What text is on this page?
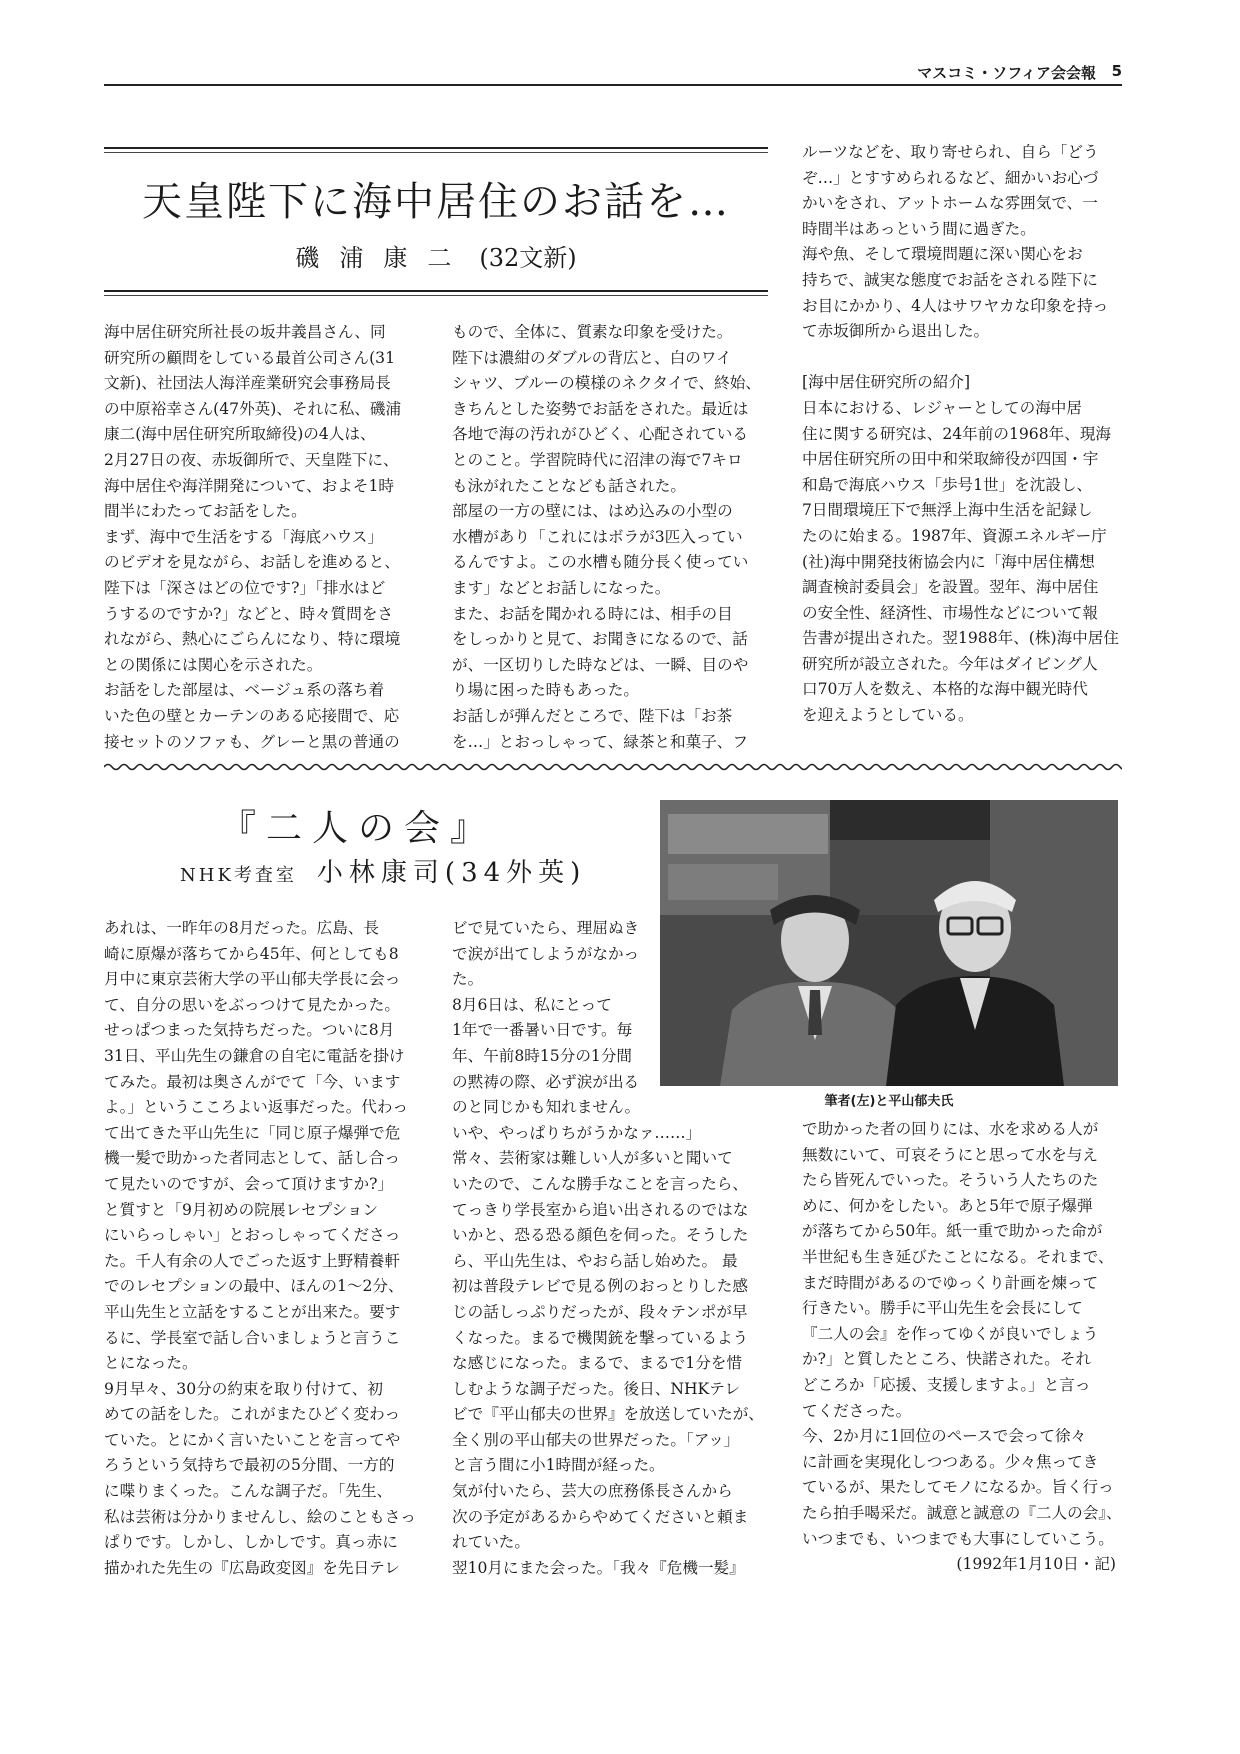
マスコミ・ソフィア会会報 5
天皇陛下に海中居住のお話を…
磯浦康二 (32文新)
海中居住研究所社長の坂井義昌さん、同
研究所の顧問をしている最首公司さん(31
文新)、社団法人海洋産業研究会事務局長
の中原裕幸さん(47外英)、それに私、磯浦
康二(海中居住研究所取締役)の4人は、
2月27日の夜、赤坂御所で、天皇陛下に、
海中居住や海洋開発について、およそ1時
間半にわたってお話をした。
まず、海中で生活をする「海底ハウス」
のビデオを見ながら、お話しを進めると、
陛下は「深さはどの位です?」「排水はど
うするのですか?」などと、時々質問をさ
れながら、熱心にごらんになり、特に環境
との関係には関心を示された。
お話をした部屋は、ベージュ系の落ち着
いた色の壁とカーテンのある応接間で、応
接セットのソファも、グレーと黒の普通の
もので、全体に、質素な印象を受けた。
陛下は濃紺のダブルの背広と、白のワイ
シャツ、ブルーの模様のネクタイで、終始、
きちんとした姿勢でお話をされた。最近は
各地で海の汚れがひどく、心配されている
とのこと。学習院時代に沼津の海で7キロ
も泳がれたことなども話された。
部屋の一方の壁には、はめ込みの小型の
水槽があり「これにはボラが3匹入ってい
るんですよ。この水槽も随分長く使ってい
ます」などとお話しになった。
また、お話を聞かれる時には、相手の目
をしっかりと見て、お聞きになるので、話
が、一区切りした時などは、一瞬、目のや
り場に困った時もあった。
お話しが弾んだところで、陛下は「お茶
を…」とおっしゃって、緑茶と和菓子、フ
ルーツなどを、取り寄せられ、自ら「どう
ぞ…」とすすめられるなど、細かいお心づ
かいをされ、アットホームな雰囲気で、一
時間半はあっという間に過ぎた。
海や魚、そして環境問題に深い関心をお
持ちで、誠実な態度でお話をされる陛下に
お目にかかり、4人はサワヤカな印象を持っ
て赤坂御所から退出した。
[海中居住研究所の紹介]
日本における、レジャーとしての海中居
住に関する研究は、24年前の1968年、現海
中居住研究所の田中和栄取締役が四国・宇
和島で海底ハウス「歩号1世」を沈設し、
7日間環境圧下で無浮上海中生活を記録し
たのに始まる。1987年、資源エネルギー庁
(社)海中開発技術協会内に「海中居住構想
調査検討委員会」を設置。翌年、海中居住
の安全性、経済性、市場性などについて報
告書が提出された。翌1988年、(株)海中居住
研究所が設立された。今年はダイビング人
口70万人を数え、本格的な海中観光時代
を迎えようとしている。
『二人の会』
NHK考査室 小林康司(34外英)
筆者(左)と平山郁夫氏
あれは、一昨年の8月だった。広島、長
崎に原爆が落ちてから45年、何としても8
月中に東京芸術大学の平山郁夫学長に会っ
て、自分の思いをぶっつけて見たかった。
せっぱつまった気持ちだった。ついに8月
31日、平山先生の鎌倉の自宅に電話を掛け
てみた。最初は奥さんがでて「今、います
よ。」というこころよい返事だった。代わっ
て出てきた平山先生に「同じ原子爆弾で危
機一髪で助かった者同志として、話し合っ
て見たいのですが、会って頂けますか?」
と質すと「9月初めの院展レセプション
にいらっしゃい」とおっしゃってくださっ
た。千人有余の人でごった返す上野精養軒
でのレセプションの最中、ほんの1〜2分、
平山先生と立話をすることが出来た。要す
るに、学長室で話し合いましょうと言うこ
とになった。
9月早々、30分の約束を取り付けて、初
めての話をした。これがまたひどく変わっ
ていた。とにかく言いたいことを言ってや
ろうという気持ちで最初の5分間、一方的
に喋りまくった。こんな調子だ。「先生、
私は芸術は分かりませんし、絵のこともさっ
ぱりです。しかし、しかしです。真っ赤に
描かれた先生の『広島政変図』を先日テレ
ビで見ていたら、理屈ぬき
で涙が出てしようがなかっ
た。
8月6日は、私にとって
1年で一番暑い日です。毎
年、午前8時15分の1分間
の黙祷の際、必ず涙が出る
のと同じかも知れません。
いや、やっぱりちがうかなァ……」
常々、芸術家は難しい人が多いと聞いて
いたので、こんな勝手なことを言ったら、
てっきり学長室から追い出されるのではな
いかと、恐る恐る顔色を伺った。そうした
ら、平山先生は、やおら話し始めた。 最
初は普段テレビで見る例のおっとりした感
じの話しっぷりだったが、段々テンポが早
くなった。まるで機関銃を撃っているよう
な感じになった。まるで、まるで1分を惜
しむような調子だった。後日、NHKテレ
ビで『平山郁夫の世界』を放送していたが、
全く別の平山郁夫の世界だった。「アッ」
と言う間に小1時間が経った。
気が付いたら、芸大の庶務係長さんから
次の予定があるからやめてくださいと頼ま
れていた。
翌10月にまた会った。「我々『危機一髪』
で助かった者の回りには、水を求める人が
無数にいて、可哀そうにと思って水を与え
たら皆死んでいった。そういう人たちのた
めに、何かをしたい。あと5年で原子爆弾
が落ちてから50年。紙一重で助かった命が
半世紀も生き延びたことになる。それまで、
まだ時間があるのでゆっくり計画を煉って
行きたい。勝手に平山先生を会長にして
『二人の会』を作ってゆくが良いでしょう
か?」と質したところ、快諾された。それ
どころか「応援、支援しますよ。」と言っ
てくださった。
今、2か月に1回位のペースで会って徐々
に計画を実現化しつつある。少々焦ってき
ているが、果たしてモノになるか。旨く行っ
たら拍手喝采だ。誠意と誠意の『二人の会』、
いつまでも、いつまでも大事にしていこう。
(1992年1月10日・記)
